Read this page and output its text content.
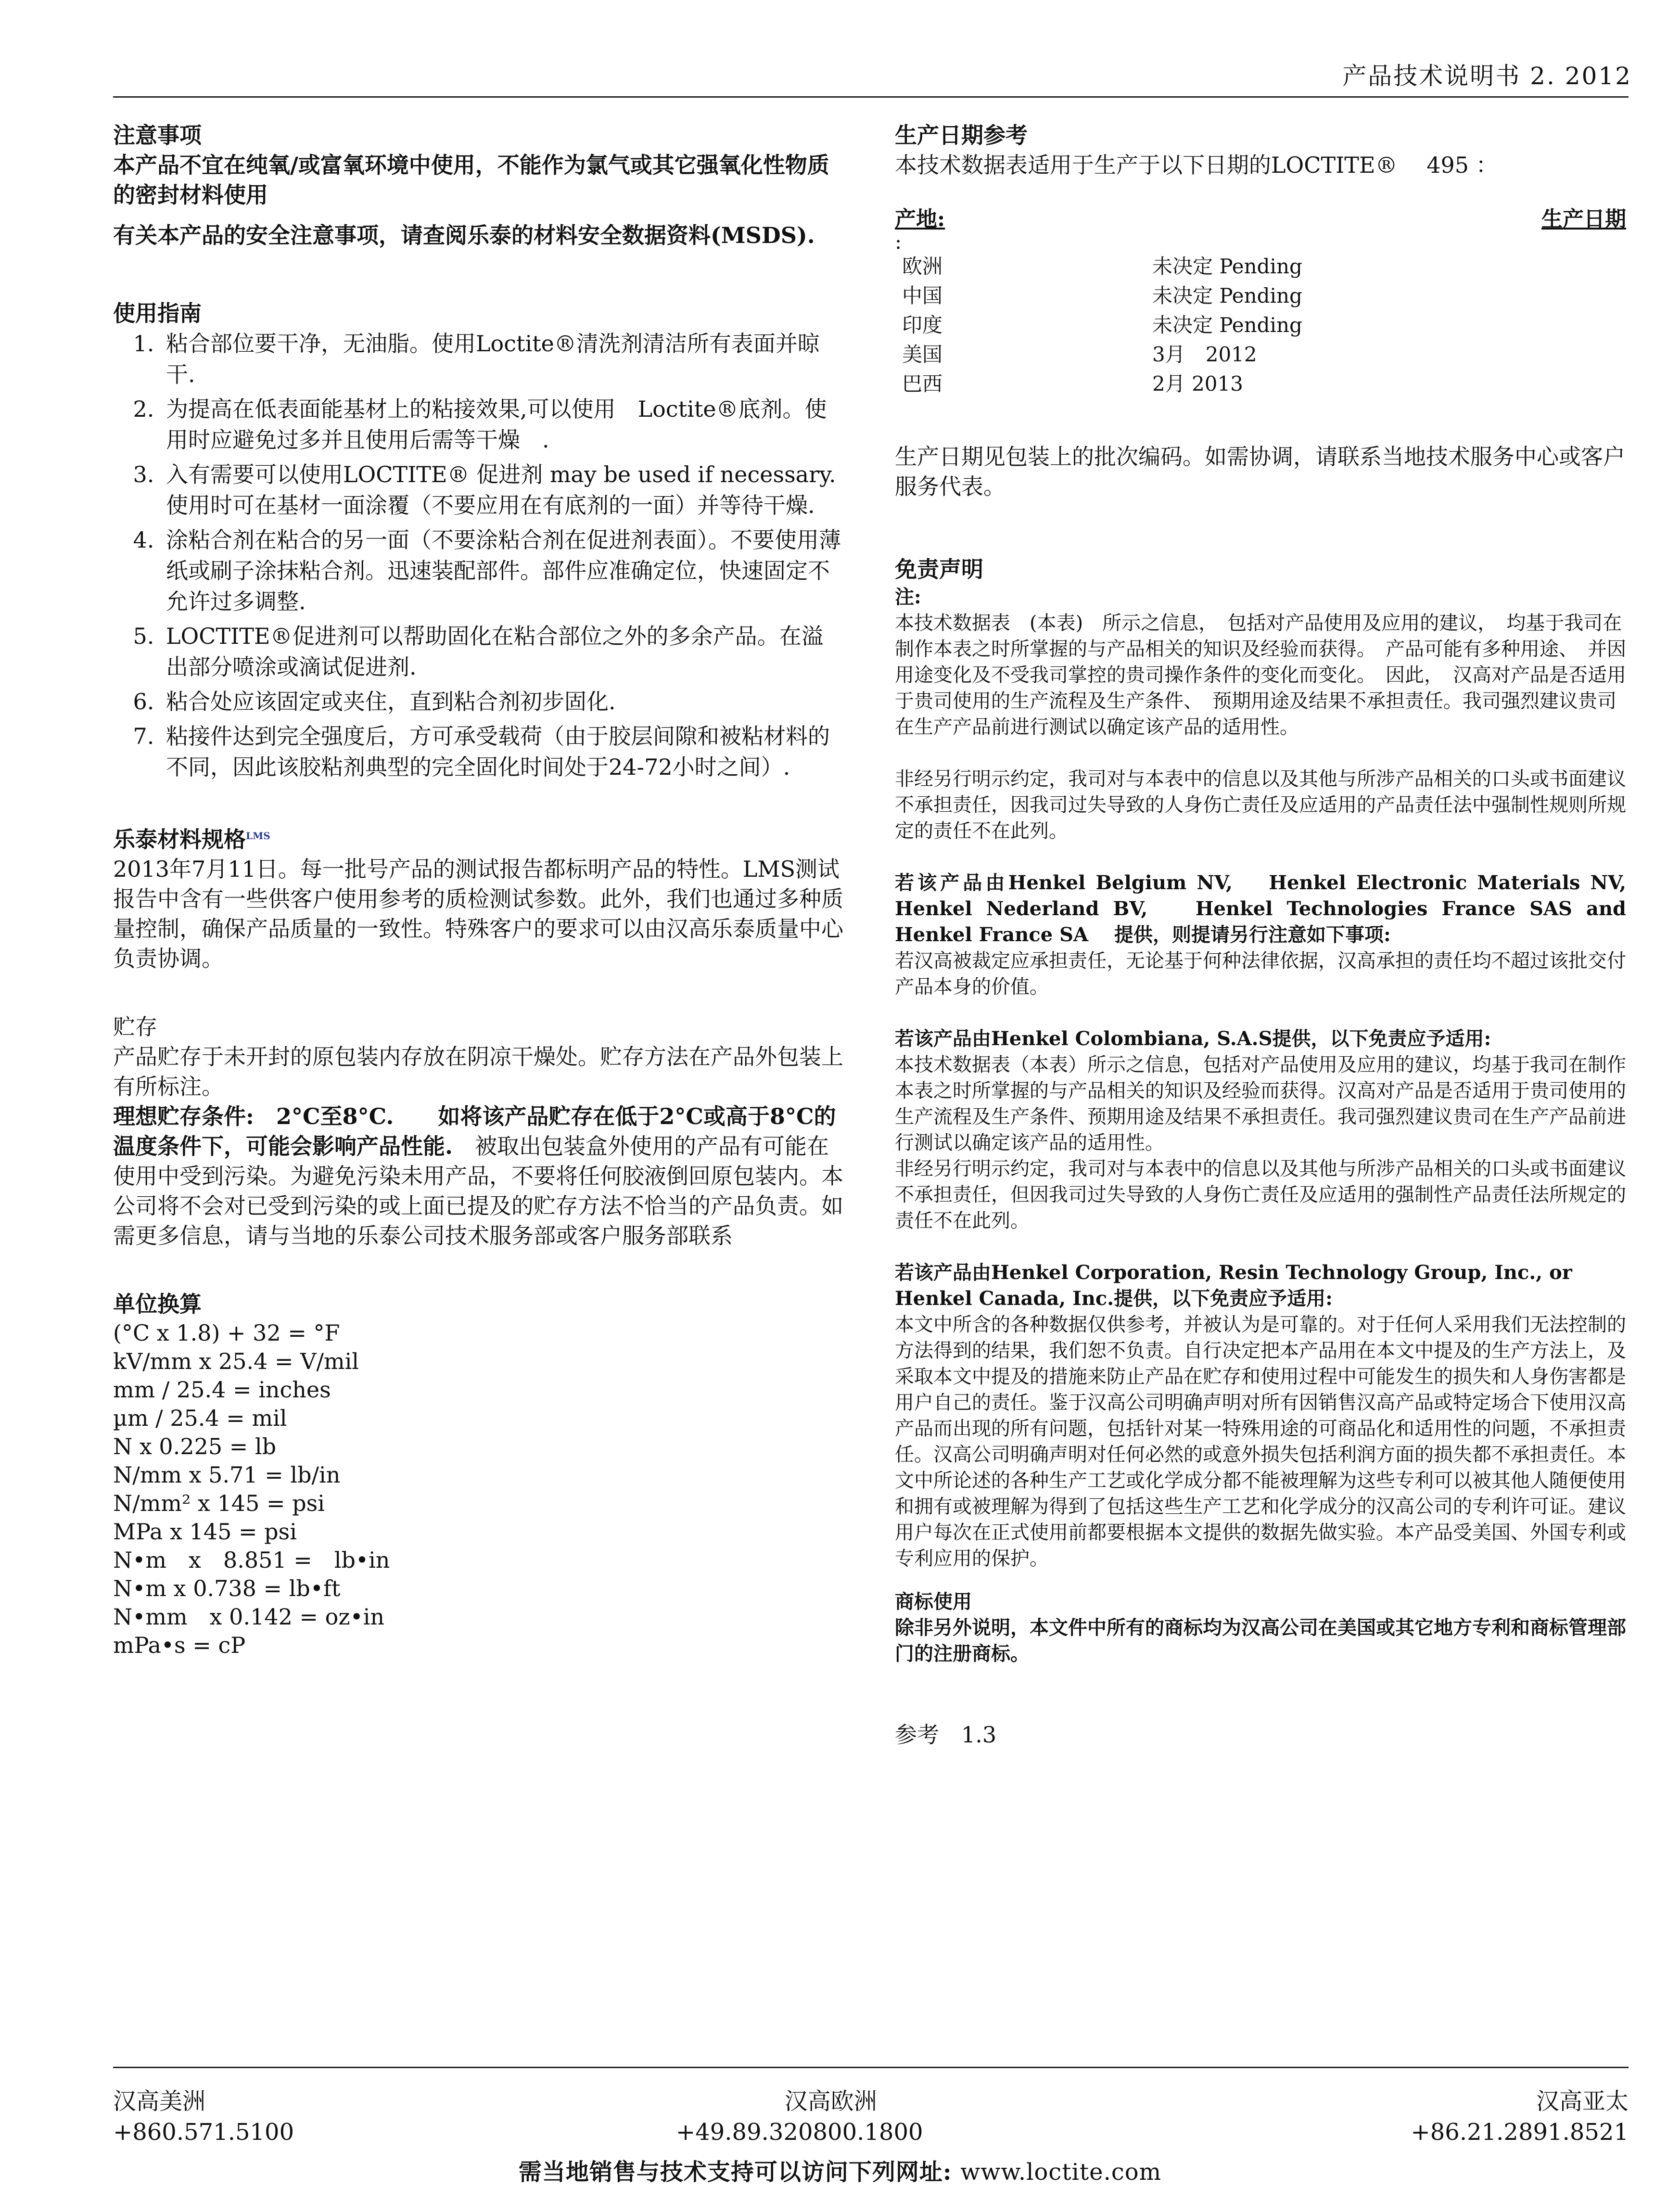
产品技术说明书 2. 2012

注意事项

本产品不宜在纯氧/或富氧环境中使用，不能作为氯气或其它强氧化性物质的密封材料使用

有关本产品的安全注意事项，请查阅乐泰的材料安全数据资料(MSDS).

使用指南

1. 粘合部位要干净，无油脂。使用Loctite®清洗剂清洁所有表面并晾干.
2. 为提高在低表面能基材上的粘接效果,可以使用　Loctite®底剂。使用时应避免过多并且使用后需等干燥　.
3. 入有需要可以使用LOCTITE® 促进剂 may be used if necessary.　 使用时可在基材一面涂覆（不要应用在有底剂的一面）并等待干燥.
4. 涂粘合剂在粘合的另一面（不要涂粘合剂在促进剂表面）。不要使用薄纸或刷子涂抹粘合剂。迅速装配部件。部件应准确定位，快速固定不允许过多调整.
5. LOCTITE®促进剂可以帮助固化在粘合部位之外的多余产品。在溢出部分喷涂或滴试促进剂.
6. 粘合处应该固定或夹住，直到粘合剂初步固化.
7. 粘接件达到完全强度后，方可承受载荷（由于胶层间隙和被粘材料的不同，因此该胶粘剂典型的完全固化时间处于24-72小时之间）.

乐泰材料规格$^{LMS}$

2013年7月11日。每一批号产品的测试报告都标明产品的特性。LMS测试报告中含有一些供客户使用参考的质检测试参数。此外，我们也通过多种质量控制，确保产品质量的一致性。特殊客户的要求可以由汉高乐泰质量中心负责协调。

贮存

产品贮存于未开封的原包装内存放在阴凉干燥处。贮存方法在产品外包装上有所标注。

理想贮存条件:　2°C至8°C.　　如将该产品贮存在低于2°C或高于8°C的温度条件下，可能会影响产品性能.　被取出包装盒外使用的产品有可能在使用中受到污染。为避免污染未用产品，不要将任何胶液倒回原包装内。本公司将不会对已受到污染的或上面已提及的贮存方法不恰当的产品负责。如需更多信息，请与当地的乐泰公司技术服务部或客户服务部联系

单位换算

(°C x 1.8) + 32 = °F

kV/mm x 25.4 = V/mil

mm / 25.4 = inches

µm / 25.4 = mil

N x 0.225 = lb

N/mm x 5.71 = lb/in

N/mm² x 145 = psi

MPa x 145 = psi

N•m　x　8.851 =　lb•in

N•m x 0.738 = lb•ft

N•mm　x 0.142 = oz•in

mPa•s = cP

生产日期参考

本技术数据表适用于生产于以下日期的LOCTITE®　 495 ：

产地:	生产日期
:
欧洲	未决定 Pending
中国	未决定 Pending
印度	未决定 Pending
美国	3月　2012
巴西	2月 2013

生产日期见包装上的批次编码。如需协调，请联系当地技术服务中心或客户服务代表。

免责声明

注:

本技术数据表　(本表)　所示之信息，　包括对产品使用及应用的建议，　均基于我司在制作本表之时所掌握的与产品相关的知识及经验而获得。　产品可能有多种用途、　并因用途变化及不受我司掌控的贵司操作条件的变化而变化。　因此，　汉高对产品是否适用于贵司使用的生产流程及生产条件、　预期用途及结果不承担责任。我司强烈建议贵司在生产产品前进行测试以确定该产品的适用性。

非经另行明示约定，我司对与本表中的信息以及其他与所涉产品相关的口头或书面建议不承担责任，因我司过失导致的人身伤亡责任及应适用的产品责任法中强制性规则所规定的责任不在此列。

若该产品由Henkel Belgium NV,　 Henkel Electronic Materials NV,　 Henkel Nederland BV,　 Henkel Technologies France SAS and Henkel France SA　 提供，则提请另行注意如下事项:

若汉高被裁定应承担责任，无论基于何种法律依据，汉高承担的责任均不超过该批交付产品本身的价值。

若该产品由Henkel Colombiana, S.A.S提供，以下免责应予适用:

本技术数据表（本表）所示之信息，包括对产品使用及应用的建议，均基于我司在制作本表之时所掌握的与产品相关的知识及经验而获得。汉高对产品是否适用于贵司使用的生产流程及生产条件、预期用途及结果不承担责任。我司强烈建议贵司在生产产品前进行测试以确定该产品的适用性。

非经另行明示约定，我司对与本表中的信息以及其他与所涉产品相关的口头或书面建议不承担责任，但因我司过失导致的人身伤亡责任及应适用的强制性产品责任法所规定的责任不在此列。

若该产品由Henkel Corporation, Resin Technology Group, Inc., or Henkel Canada, Inc.提供，以下免责应予适用:

本文中所含的各种数据仅供参考，并被认为是可靠的。对于任何人采用我们无法控制的方法得到的结果，我们恕不负责。自行决定把本产品用在本文中提及的生产方法上，及采取本文中提及的措施来防止产品在贮存和使用过程中可能发生的损失和人身伤害都是用户自己的责任。鉴于汉高公司明确声明对所有因销售汉高产品或特定场合下使用汉高产品而出现的所有问题，包括针对某一特殊用途的可商品化和适用性的问题，不承担责任。汉高公司明确声明对任何必然的或意外损失包括利润方面的损失都不承担责任。本文中所论述的各种生产工艺或化学成分都不能被理解为这些专利可以被其他人随便使用和拥有或被理解为得到了包括这些生产工艺和化学成分的汉高公司的专利许可证。建议用户每次在正式使用前都要根据本文提供的数据先做实验。本产品受美国、外国专利或专利应用的保护。

商标使用

除非另外说明，本文件中所有的商标均为汉高公司在美国或其它地方专利和商标管理部门的注册商标。

参考　1.3

汉高美洲
+860.571.5100
汉高欧洲
+49.89.320800.1800
汉高亚太
+86.21.2891.8521
需当地销售与技术支持可以访问下列网址: www.loctite.com
